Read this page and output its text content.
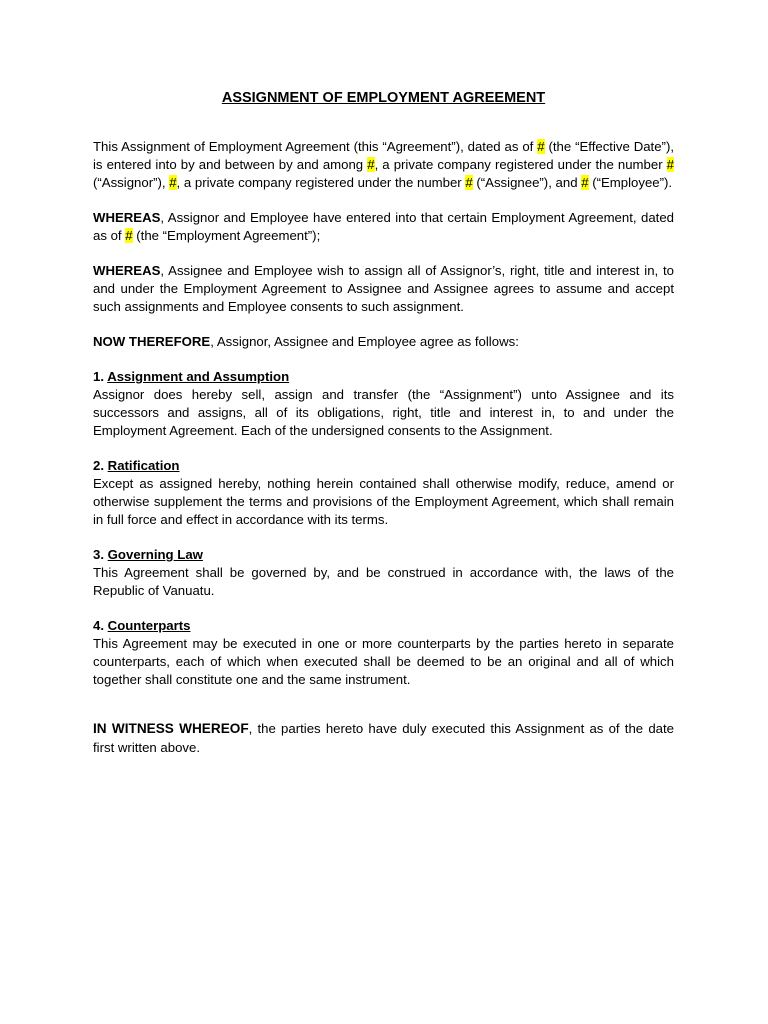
ASSIGNMENT OF EMPLOYMENT AGREEMENT

This Assignment of Employment Agreement (this “Agreement”), dated as of # (the “Effective Date”), is entered into by and between by and among #, a private company registered under the number # (“Assignor”), #, a private company registered under the number # (“Assignee”), and # (“Employee”).

WHEREAS, Assignor and Employee have entered into that certain Employment Agreement, dated as of # (the “Employment Agreement”);

WHEREAS, Assignee and Employee wish to assign all of Assignor’s, right, title and interest in, to and under the Employment Agreement to Assignee and Assignee agrees to assume and accept such assignments and Employee consents to such assignment.

NOW THEREFORE, Assignor, Assignee and Employee agree as follows:

1. Assignment and Assumption

Assignor does hereby sell, assign and transfer (the “Assignment”) unto Assignee and its successors and assigns, all of its obligations, right, title and interest in, to and under the Employment Agreement. Each of the undersigned consents to the Assignment.

2. Ratification

Except as assigned hereby, nothing herein contained shall otherwise modify, reduce, amend or otherwise supplement the terms and provisions of the Employment Agreement, which shall remain in full force and effect in accordance with its terms.

3. Governing Law

This Agreement shall be governed by, and be construed in accordance with, the laws of the Republic of Vanuatu.

4. Counterparts

This Agreement may be executed in one or more counterparts by the parties hereto in separate counterparts, each of which when executed shall be deemed to be an original and all of which together shall constitute one and the same instrument.

IN WITNESS WHEREOF, the parties hereto have duly executed this Assignment as of the date first written above.
